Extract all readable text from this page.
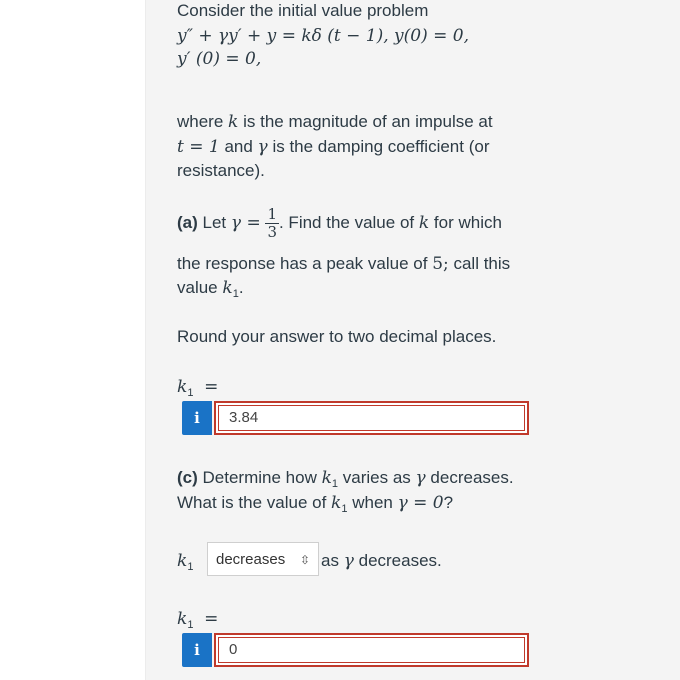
Consider the initial value problem
y″ + γy′ + y = kδ (t − 1), y(0) = 0,
y′ (0) = 0,
where k is the magnitude of an impulse at
t = 1 and γ is the damping coefficient (or
resistance).
(a) Let $\gamma = \frac{1}{3}$ . Find the value of k for which
the response has a peak value of 5; call this
value $k_1$.
Round your answer to two decimal places.
$k_1$ =
i	3.84
(c) Determine how $k_1$ varies as γ decreases.
What is the value of $k_1$ when γ = 0?
$k_1$	as γ decreases.
$k_1$ =
decreases ⇳
i	0
